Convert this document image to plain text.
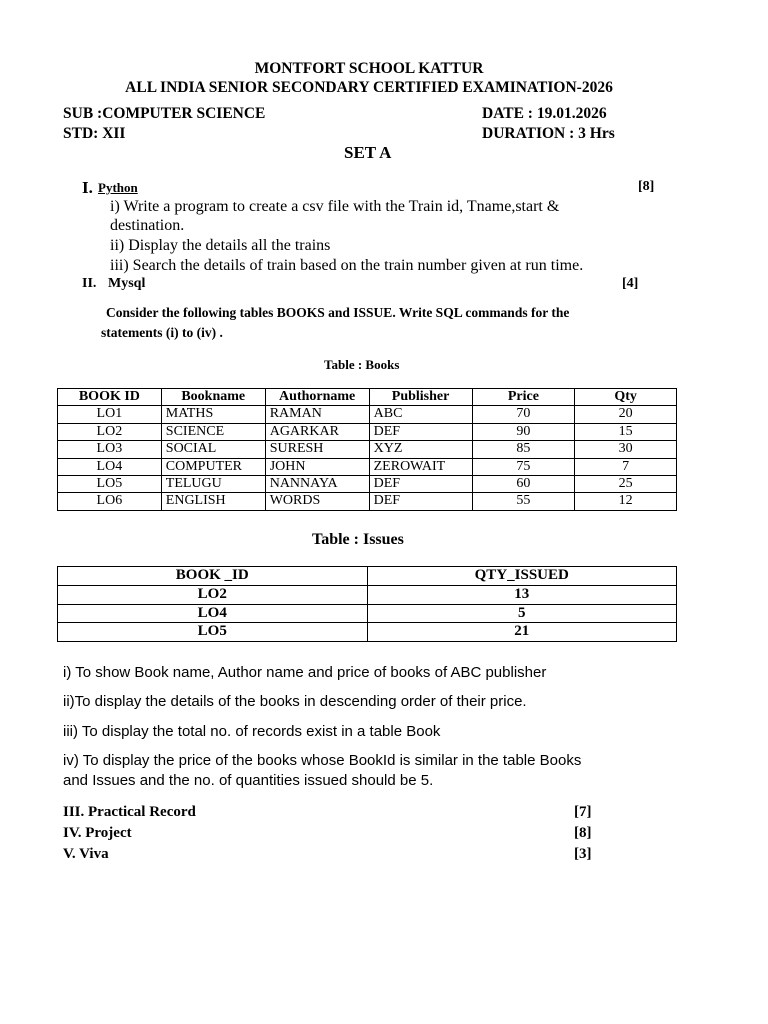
MONTFORT SCHOOL KATTUR
ALL INDIA SENIOR SECONDARY CERTIFIED EXAMINATION-2026
SUB :COMPUTER SCIENCE	DATE : 19.01.2026
STD: XII	DURATION : 3 Hrs
SET A
I. Python	[8]
i) Write a program to create a csv file with the Train id, Tname,start &
destination.
ii) Display the details all the trains
iii) Search the details of train based on the train number given at run time.
II. Mysql	[4]
Consider the following tables BOOKS and ISSUE. Write SQL commands for the
statements (i) to (iv) .
Table : Books
BOOK ID	Bookname	Authorname	Publisher	Price	Qty
LO1	MATHS	RAMAN	ABC	70	20
LO2	SCIENCE	AGARKAR	DEF	90	15
LO3	SOCIAL	SURESH	XYZ	85	30
LO4	COMPUTER	JOHN	ZEROWAIT	75	7
LO5	TELUGU	NANNAYA	DEF	60	25
LO6	ENGLISH	WORDS	DEF	55	12
Table : Issues
BOOK _ID	QTY_ISSUED
LO2	13
LO4	5
LO5	21
i) To show Book name, Author name and price of books of ABC publisher
ii)To display the details of the books in descending order of their price.
iii) To display the total no. of records exist in a table Book
iv) To display the price of the books whose BookId is similar in the table Books
and Issues and the no. of quantities issued should be 5.
III. Practical Record	[7]
IV. Project	[8]
V. Viva	[3]
